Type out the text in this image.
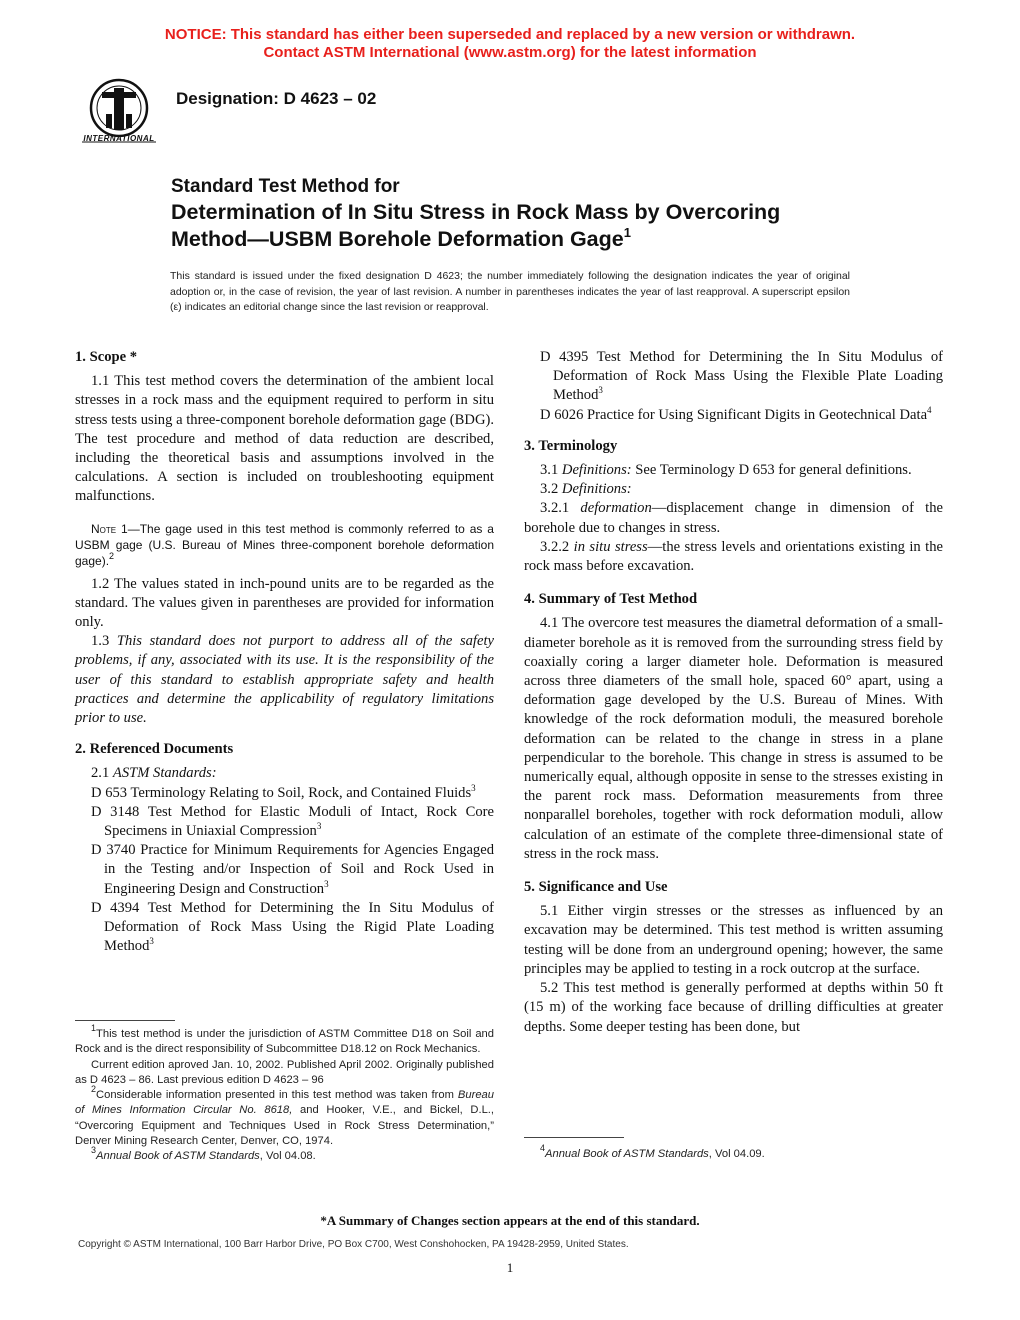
NOTICE: This standard has either been superseded and replaced by a new version or withdrawn.
Contact ASTM International (www.astm.org) for the latest information
INTERNATIONAL
Designation: D 4623 – 02
Standard Test Method for
Determination of In Situ Stress in Rock Mass by Overcoring
Method—USBM Borehole Deformation Gage$^1$
This standard is issued under the fixed designation D 4623; the number immediately following the designation indicates the year of original adoption or, in the case of revision, the year of last revision. A number in parentheses indicates the year of last reapproval. A superscript epsilon (ε) indicates an editorial change since the last revision or reapproval.

1. Scope *

1.1 This test method covers the determination of the ambient local stresses in a rock mass and the equipment required to perform in situ stress tests using a three-component borehole deformation gage (BDG). The test procedure and method of data reduction are described, including the theoretical basis and assumptions involved in the calculations. A section is included on troubleshooting equipment malfunctions.

Note 1—The gage used in this test method is commonly referred to as a USBM gage (U.S. Bureau of Mines three-component borehole deformation gage).$^2$

1.2 The values stated in inch-pound units are to be regarded as the standard. The values given in parentheses are provided for information only.

1.3 This standard does not purport to address all of the safety problems, if any, associated with its use. It is the responsibility of the user of this standard to establish appropriate safety and health practices and determine the applicability of regulatory limitations prior to use.

2. Referenced Documents

2.1 ASTM Standards:

D 653 Terminology Relating to Soil, Rock, and Contained Fluids$^3$

D 3148 Test Method for Elastic Moduli of Intact, Rock Core Specimens in Uniaxial Compression$^3$

D 3740 Practice for Minimum Requirements for Agencies Engaged in the Testing and/or Inspection of Soil and Rock Used in Engineering Design and Construction$^3$

D 4394 Test Method for Determining the In Situ Modulus of Deformation of Rock Mass Using the Rigid Plate Loading Method$^3$

D 4395 Test Method for Determining the In Situ Modulus of Deformation of Rock Mass Using the Flexible Plate Loading Method$^3$

D 6026 Practice for Using Significant Digits in Geotechnical Data$^4$

3. Terminology

3.1 Definitions: See Terminology D 653 for general definitions.

3.2 Definitions:

3.2.1 deformation—displacement change in dimension of the borehole due to changes in stress.

3.2.2 in situ stress—the stress levels and orientations existing in the rock mass before excavation.

4. Summary of Test Method

4.1 The overcore test measures the diametral deformation of a small-diameter borehole as it is removed from the surrounding stress field by coaxially coring a larger diameter hole. Deformation is measured across three diameters of the small hole, spaced 60° apart, using a deformation gage developed by the U.S. Bureau of Mines. With knowledge of the rock deformation moduli, the measured borehole deformation can be related to the change in stress in a plane perpendicular to the borehole. This change in stress is assumed to be numerically equal, although opposite in sense to the stresses existing in the parent rock mass. Deformation measurements from three nonparallel boreholes, together with rock deformation moduli, allow calculation of an estimate of the complete three-dimensional state of stress in the rock mass.

5. Significance and Use

5.1 Either virgin stresses or the stresses as influenced by an excavation may be determined. This test method is written assuming testing will be done from an underground opening; however, the same principles may be applied to testing in a rock outcrop at the surface.

5.2 This test method is generally performed at depths within 50 ft (15 m) of the working face because of drilling difficulties at greater depths. Some deeper testing has been done, but

$^1$This test method is under the jurisdiction of ASTM Committee D18 on Soil and Rock and is the direct responsibility of Subcommittee D18.12 on Rock Mechanics.

Current edition aproved Jan. 10, 2002. Published April 2002. Originally published as D 4623 – 86. Last previous edition D 4623 – 96

$^2$Considerable information presented in this test method was taken from Bureau of Mines Information Circular No. 8618, and Hooker, V.E., and Bickel, D.L., “Overcoring Equipment and Techniques Used in Rock Stress Determination,” Denver Mining Research Center, Denver, CO, 1974.

$^3$Annual Book of ASTM Standards, Vol 04.08.

$^4$Annual Book of ASTM Standards, Vol 04.09.

*A Summary of Changes section appears at the end of this standard.
Copyright © ASTM International, 100 Barr Harbor Drive, PO Box C700, West Conshohocken, PA 19428-2959, United States.
1
